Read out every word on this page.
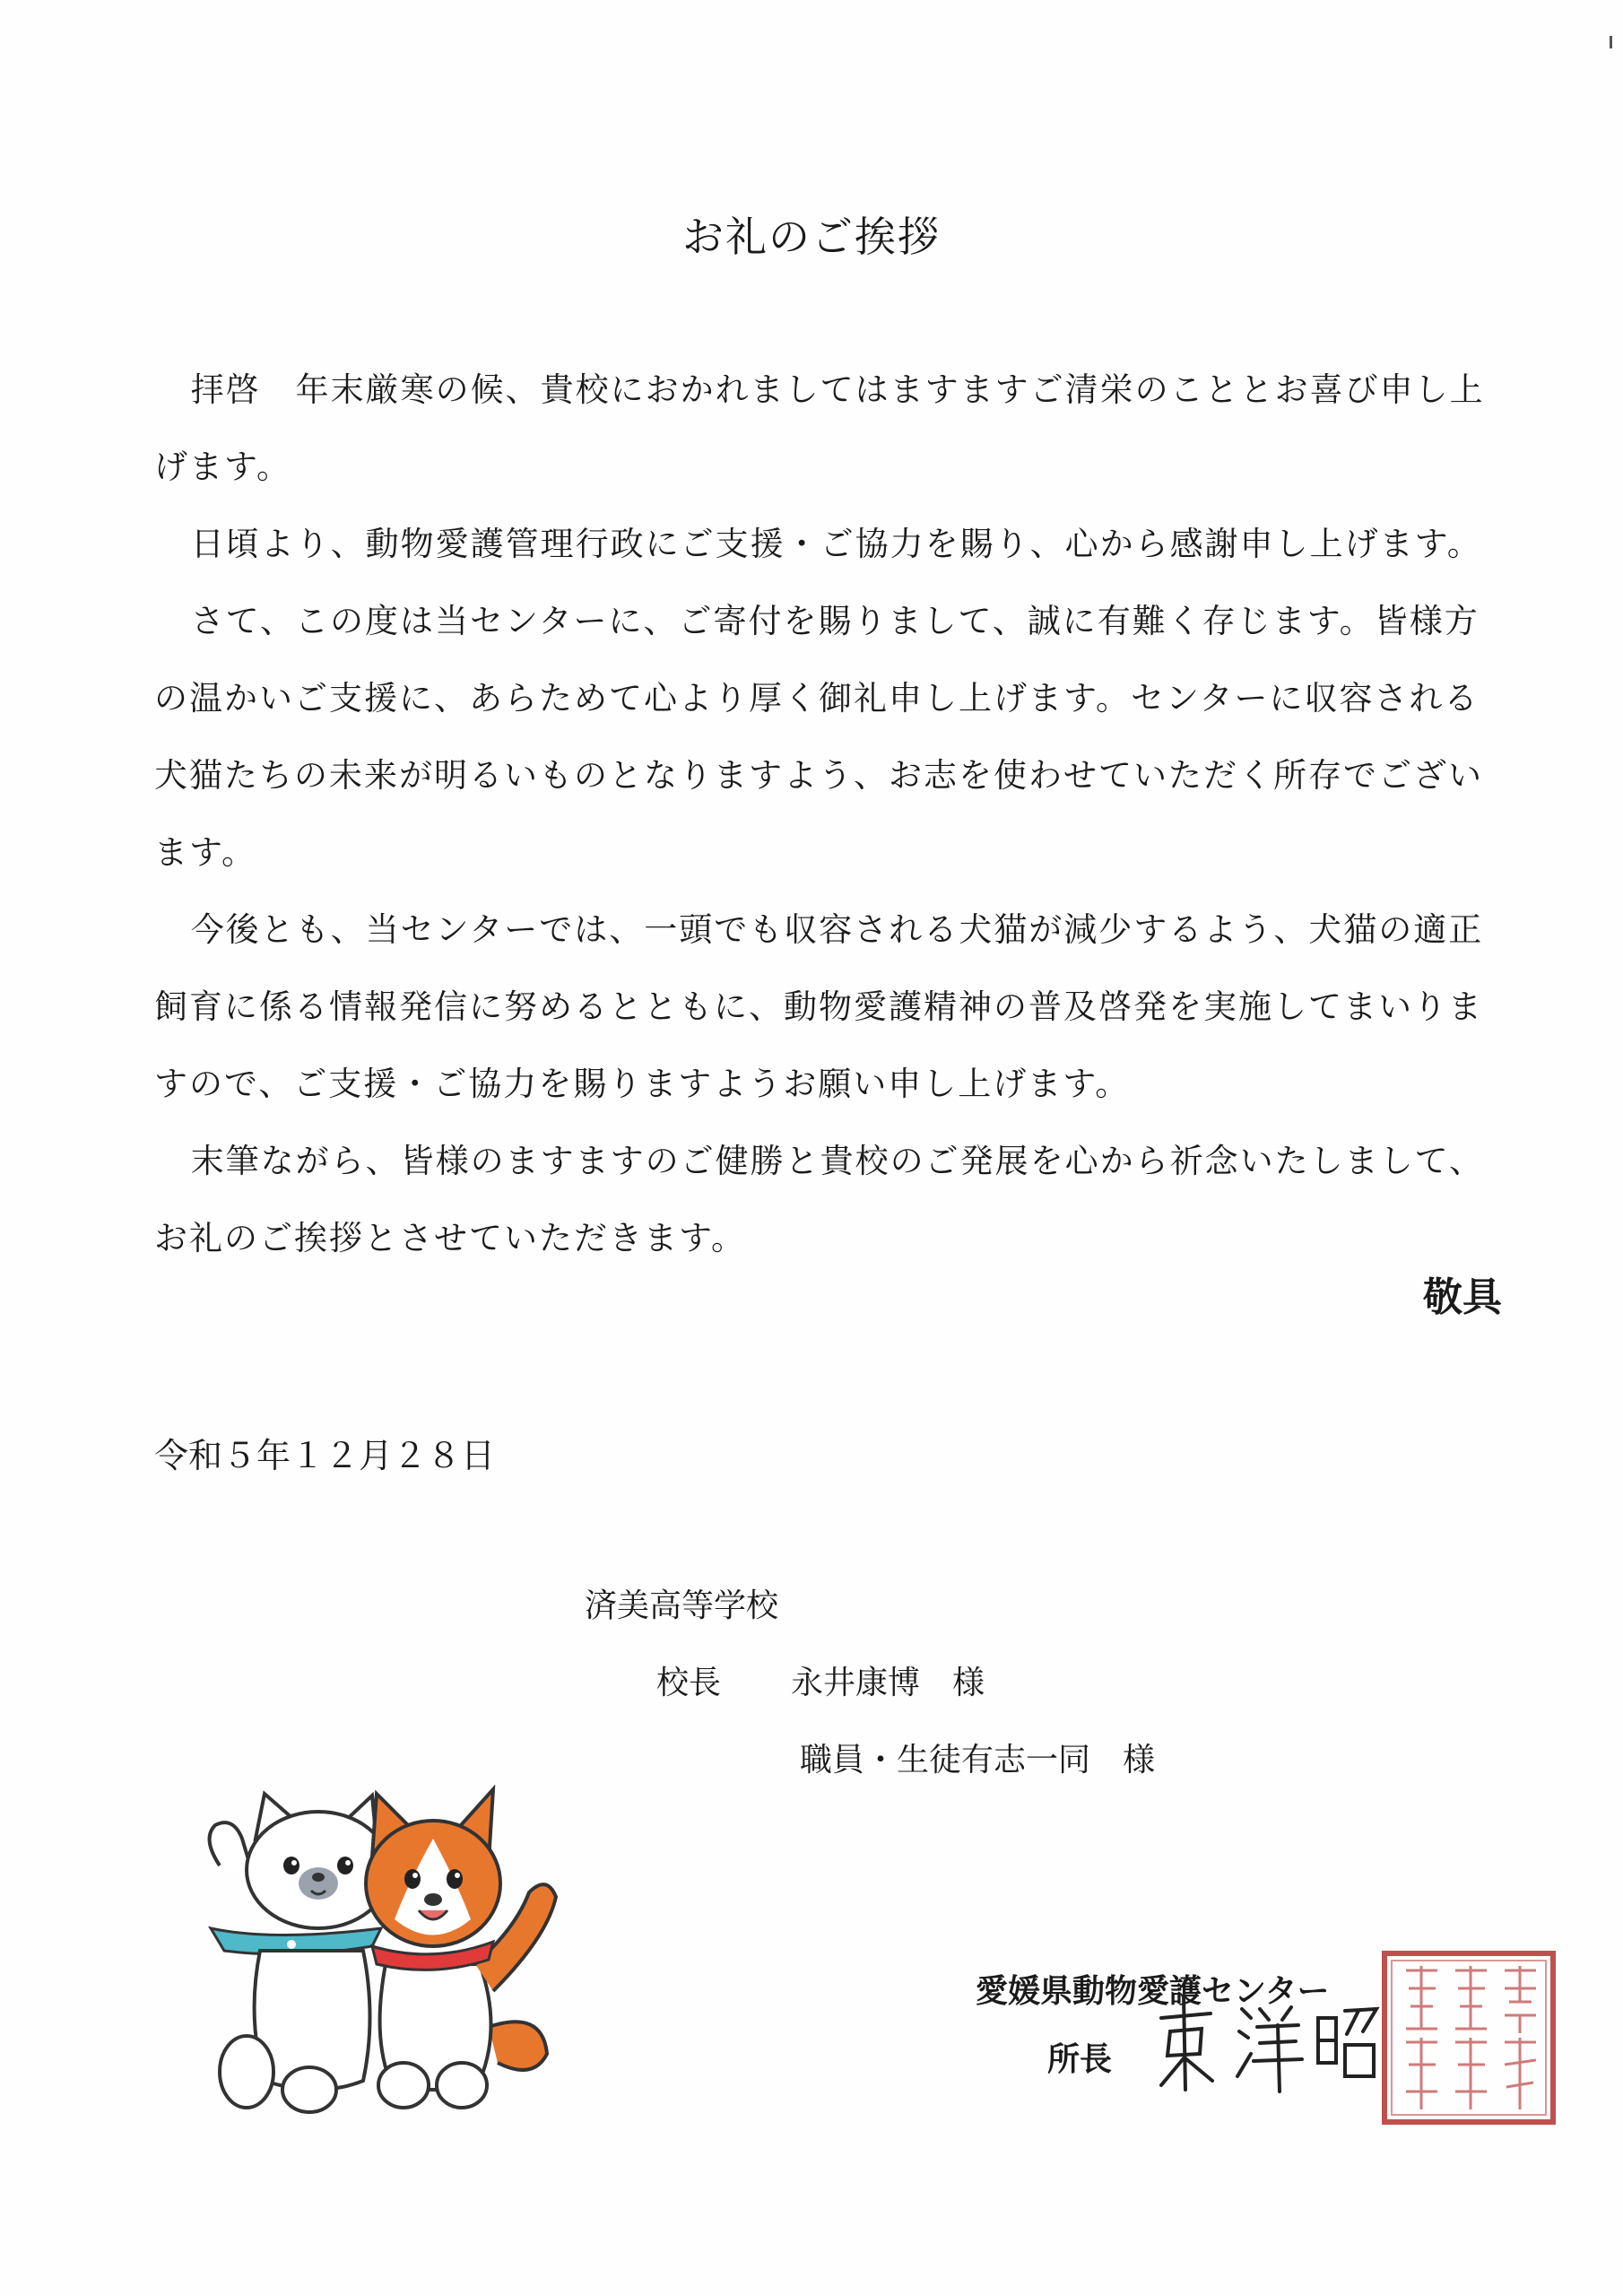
お礼のご挨拶

拝啓　年末厳寒の候、貴校におかれましてはますますご清栄のこととお喜び申し上げます。

日頃より、動物愛護管理行政にご支援・ご協力を賜り、心から感謝申し上げます。

さて、この度は当センターに、ご寄付を賜りまして、誠に有難く存じます。皆様方の温かいご支援に、あらためて心より厚く御礼申し上げます。センターに収容される犬猫たちの未来が明るいものとなりますよう、お志を使わせていただく所存でございます。

今後とも、当センターでは、一頭でも収容される犬猫が減少するよう、犬猫の適正飼育に係る情報発信に努めるとともに、動物愛護精神の普及啓発を実施してまいりますので、ご支援・ご協力を賜りますようお願い申し上げます。

末筆ながら、皆様のますますのご健勝と貴校のご発展を心から祈念いたしまして、お礼のご挨拶とさせていただきます。

敬具
令和５年１２月２８日
済美高等学校
校長 永井康博　様
職員・生徒有志一同　様
愛媛県動物愛護センター
所長
